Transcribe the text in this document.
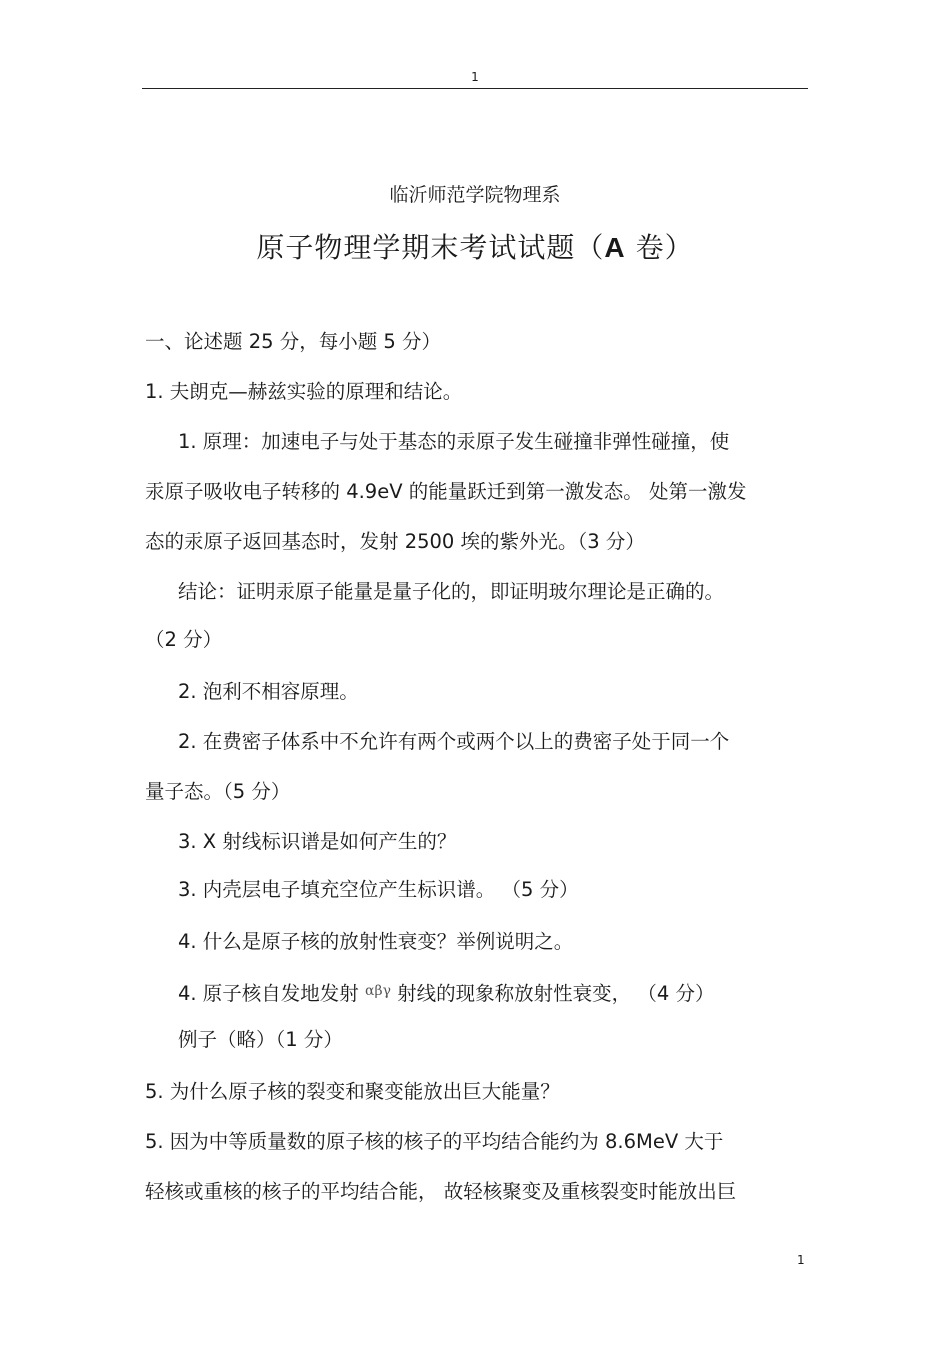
1
临沂师范学院物理系
原子物理学期末考试试题（A 卷）
一、论述题 25 分，每小题 5 分）
1. 夫朗克—赫兹实验的原理和结论。
1. 原理：加速电子与处于基态的汞原子发生碰撞非弹性碰撞，使
汞原子吸收电子转移的 4.9eV 的能量跃迁到第一激发态。 处第一激发
态的汞原子返回基态时，发射 2500 埃的紫外光。（3 分）
结论：证明汞原子能量是量子化的，即证明玻尔理论是正确的。
（2 分）
2. 泡利不相容原理。
2. 在费密子体系中不允许有两个或两个以上的费密子处于同一个
量子态。（5 分）
3. X 射线标识谱是如何产生的？
3. 内壳层电子填充空位产生标识谱。 （5 分）
4. 什么是原子核的放射性衰变？举例说明之。
4. 原子核自发地发射 $^{\alpha\beta\gamma}$ 射线的现象称放射性衰变， （4 分）
例子（略）（1 分）
5. 为什么原子核的裂变和聚变能放出巨大能量？
5. 因为中等质量数的原子核的核子的平均结合能约为 8.6MeV 大于
轻核或重核的核子的平均结合能， 故轻核聚变及重核裂变时能放出巨
1
